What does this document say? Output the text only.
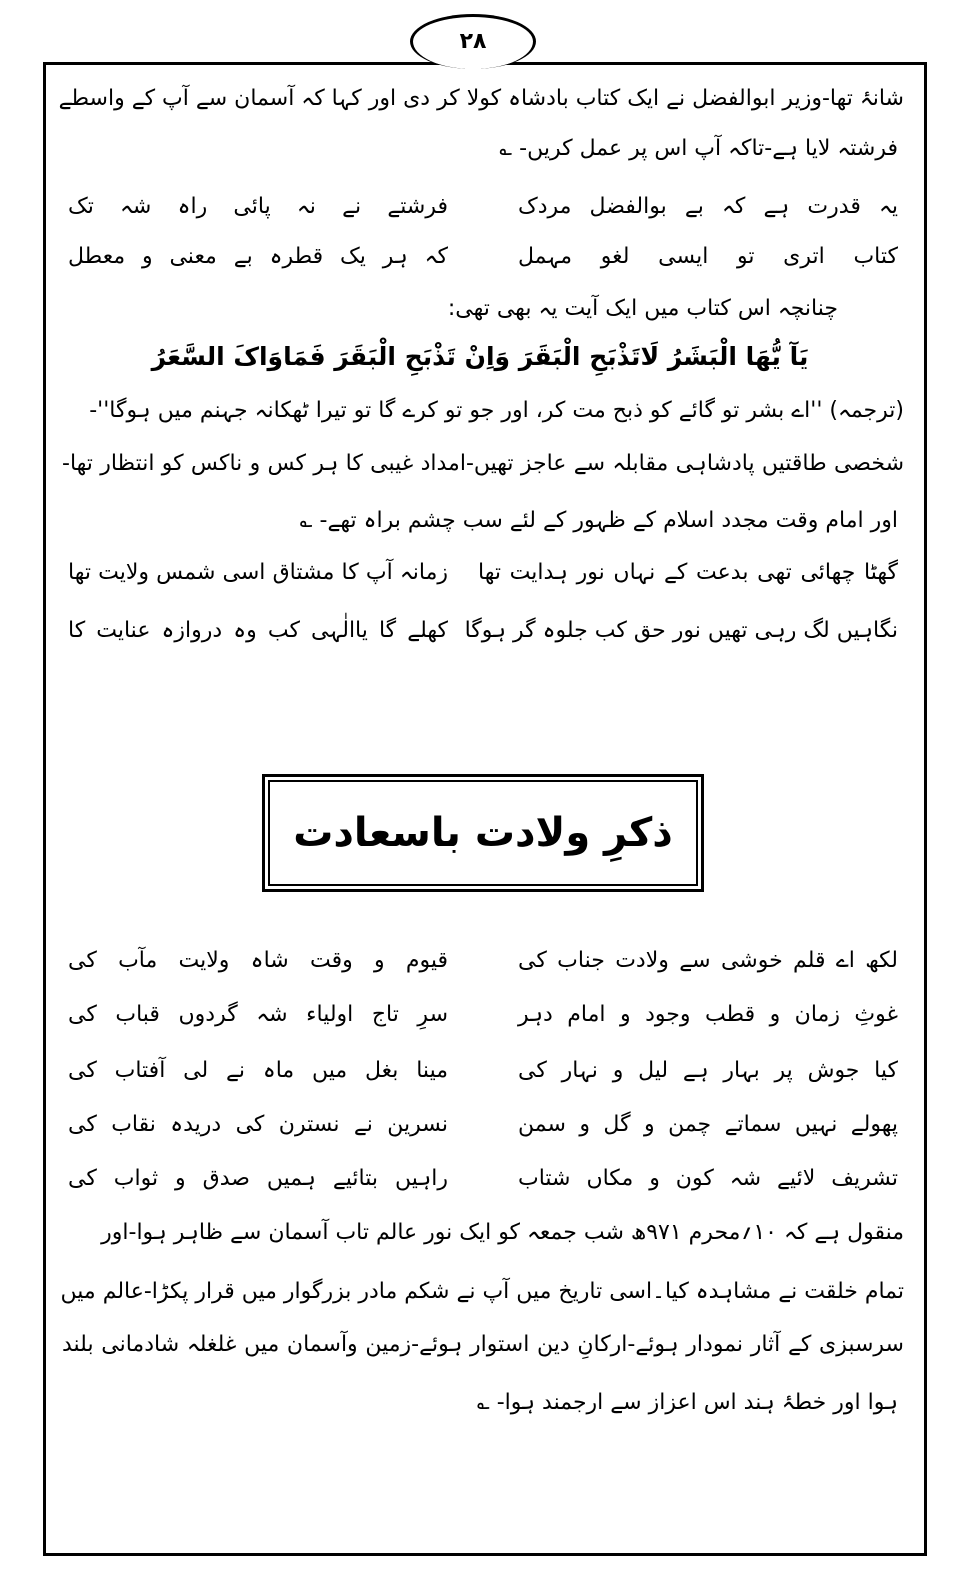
۲۸
شانۂ تھا-وزیر ابوالفضل نے ایک کتاب بادشاہ کولا کر دی اور کہا کہ آسمان سے آپ کے واسطے
فرشتہ لایا ہے-تاکہ آپ اس پر عمل کریں- ؎
یہ قدرت ہے کہ بے بوالفضل مردک
فرشتے نے نہ پائی راہ شہ تک
کتاب اتری تو ایسی لغو مہمل
کہ ہر یک قطرہ بے معنی و معطل
چنانچہ اس کتاب میں ایک آیت یہ بھی تھی:
يَآ يُّهَا الْبَشَرُ لَاتَذْبَحِ الْبَقَرَ وَاِنْ تَذْبَحِ الْبَقَرَ فَمَاوَاکَ السَّعَرُ
(ترجمہ) ''اے بشر تو گائے کو ذبح مت کر، اور جو تو کرے گا تو تیرا ٹھکانہ جہنم میں ہوگا''-
شخصی طاقتیں پادشاہی مقابلہ سے عاجز تھیں-امداد غیبی کا ہر کس و ناکس کو انتظار تھا-
اور امام وقت مجدد اسلام کے ظہور کے لئے سب چشم براہ تھے- ؎
گھٹا چھائی تھی بدعت کے نہاں نور ہدایت تھا
زمانہ آپ کا مشتاق اسی شمس ولایت تھا
نگاہیں لگ رہی تھیں نور حق کب جلوہ گر ہوگا
کھلے گا یاالٰہی کب وہ دروازہ عنایت کا
ذکرِ ولادت باسعادت
لکھ اے قلم خوشی سے ولادت جناب کی
قیوم و وقت شاہ ولایت مآب کی
غوثِ زمان و قطب وجود و امام دہر
سرِ تاج اولیاء شہ گردوں قباب کی
کیا جوش پر بہار ہے لیل و نہار کی
مینا بغل میں ماہ نے لی آفتاب کی
پھولے نہیں سماتے چمن و گل و سمن
نسرین نے نسترن کی دریدہ نقاب کی
تشریف لائیے شہ کون و مکاں شتاب
راہیں بتائیے ہمیں صدق و ثواب کی
منقول ہے کہ ۱۰؍محرم ۹۷۱ھ شب جمعہ کو ایک نور عالم تاب آسمان سے ظاہر ہوا-اور
تمام خلقت نے مشاہدہ کیا۔اسی تاریخ میں آپ نے شکم مادر بزرگوار میں قرار پکڑا-عالم میں
سرسبزی کے آثار نمودار ہوئے-ارکانِ دین استوار ہوئے-زمین وآسمان میں غلغلہ شادمانی بلند
ہوا اور خطۂ ہند اس اعزاز سے ارجمند ہوا- ؎
